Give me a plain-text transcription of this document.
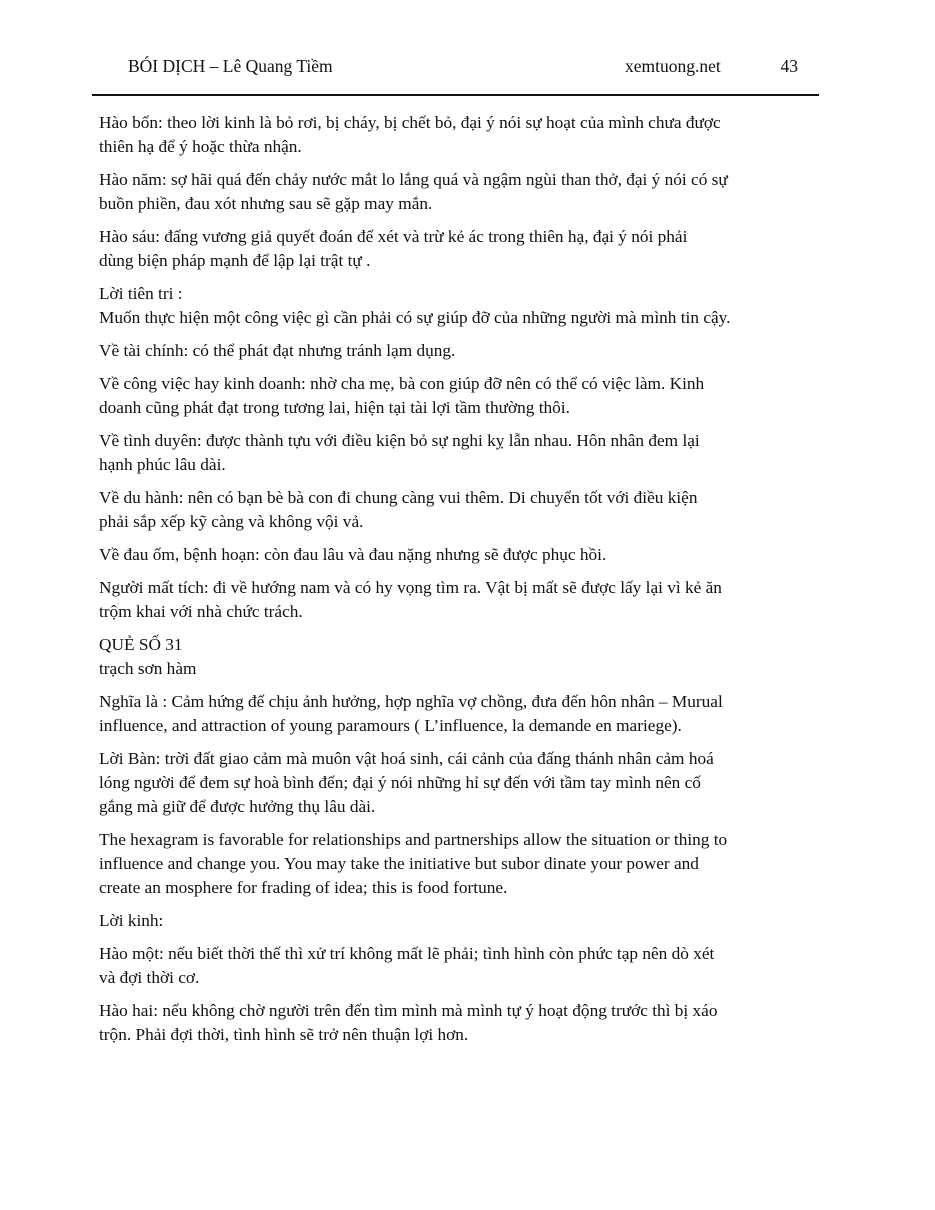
BÓI DỊCH – Lê Quang Tiềm	xemtuong.net	43

Hào bốn: theo lời kinh là bỏ rơi, bị cháy, bị chết bỏ, đại ý nói sự hoạt của mình chưa được
thiên hạ để ý hoặc thừa nhận.

Hào năm: sợ hãi quá đến chảy nước mắt lo lắng quá và ngậm ngùi than thở, đại ý nói có sự
buồn phiền, đau xót nhưng sau sẽ gặp may mắn.

Hào sáu: đấng vương giả quyết đoán để xét và trừ kẻ ác trong thiên hạ, đại ý nói phải
dùng biện pháp mạnh để lập lại trật tự .

Lời tiên tri :
Muốn thực hiện một công việc gì cần phải có sự giúp đỡ của những người mà mình tin cậy.

Về tài chính: có thể phát đạt nhưng tránh lạm dụng.

Về công việc hay kinh doanh: nhờ cha mẹ, bà con giúp đỡ nên có thể có việc làm. Kinh
doanh cũng phát đạt trong tương lai, hiện tại tài lợi tầm thường thôi.

Về tình duyên: được thành tựu với điều kiện bỏ sự nghi kỵ lẫn nhau. Hôn nhân đem lại
hạnh phúc lâu dài.

Về du hành: nên có bạn bè bà con đi chung càng vui thêm. Di chuyển tốt với điều kiện
phải sắp xếp kỹ càng và không vội vả.

Về đau ốm, bệnh hoạn: còn đau lâu và đau nặng nhưng sẽ được phục hồi.

Người mất tích: đi về hướng nam và có hy vọng tìm ra. Vật bị mất sẽ được lấy lại vì kẻ ăn
trộm khai với nhà chức trách.

QUẺ SỐ 31
trạch sơn hàm

Nghĩa là : Cảm hứng để chịu ảnh hưởng, hợp nghĩa vợ chồng, đưa đến hôn nhân – Murual
influence, and attraction of young paramours ( L’influence, la demande en mariege).

Lời Bàn: trời đất giao cảm mà muôn vật hoá sinh, cái cảnh của đấng thánh nhân cảm hoá
lóng người để đem sự hoà bình đến; đại ý nói những hỉ sự đến với tầm tay mình nên cố
gắng mà giữ để được hưởng thụ lâu dài.

The hexagram is favorable for relationships and partnerships allow the situation or thing to
influence and change you. You may take the initiative but subor dinate your power and
create an mosphere for frading of idea; this is food fortune.

Lời kinh:

Hào một: nếu biết thời thế thì xử trí không mất lẽ phải; tình hình còn phức tạp nên dò xét
và đợi thời cơ.

Hào hai: nếu không chờ người trên đến tìm mình mà mình tự ý hoạt động trước thì bị xáo
trộn. Phải đợi thời, tình hình sẽ trở nên thuận lợi hơn.
